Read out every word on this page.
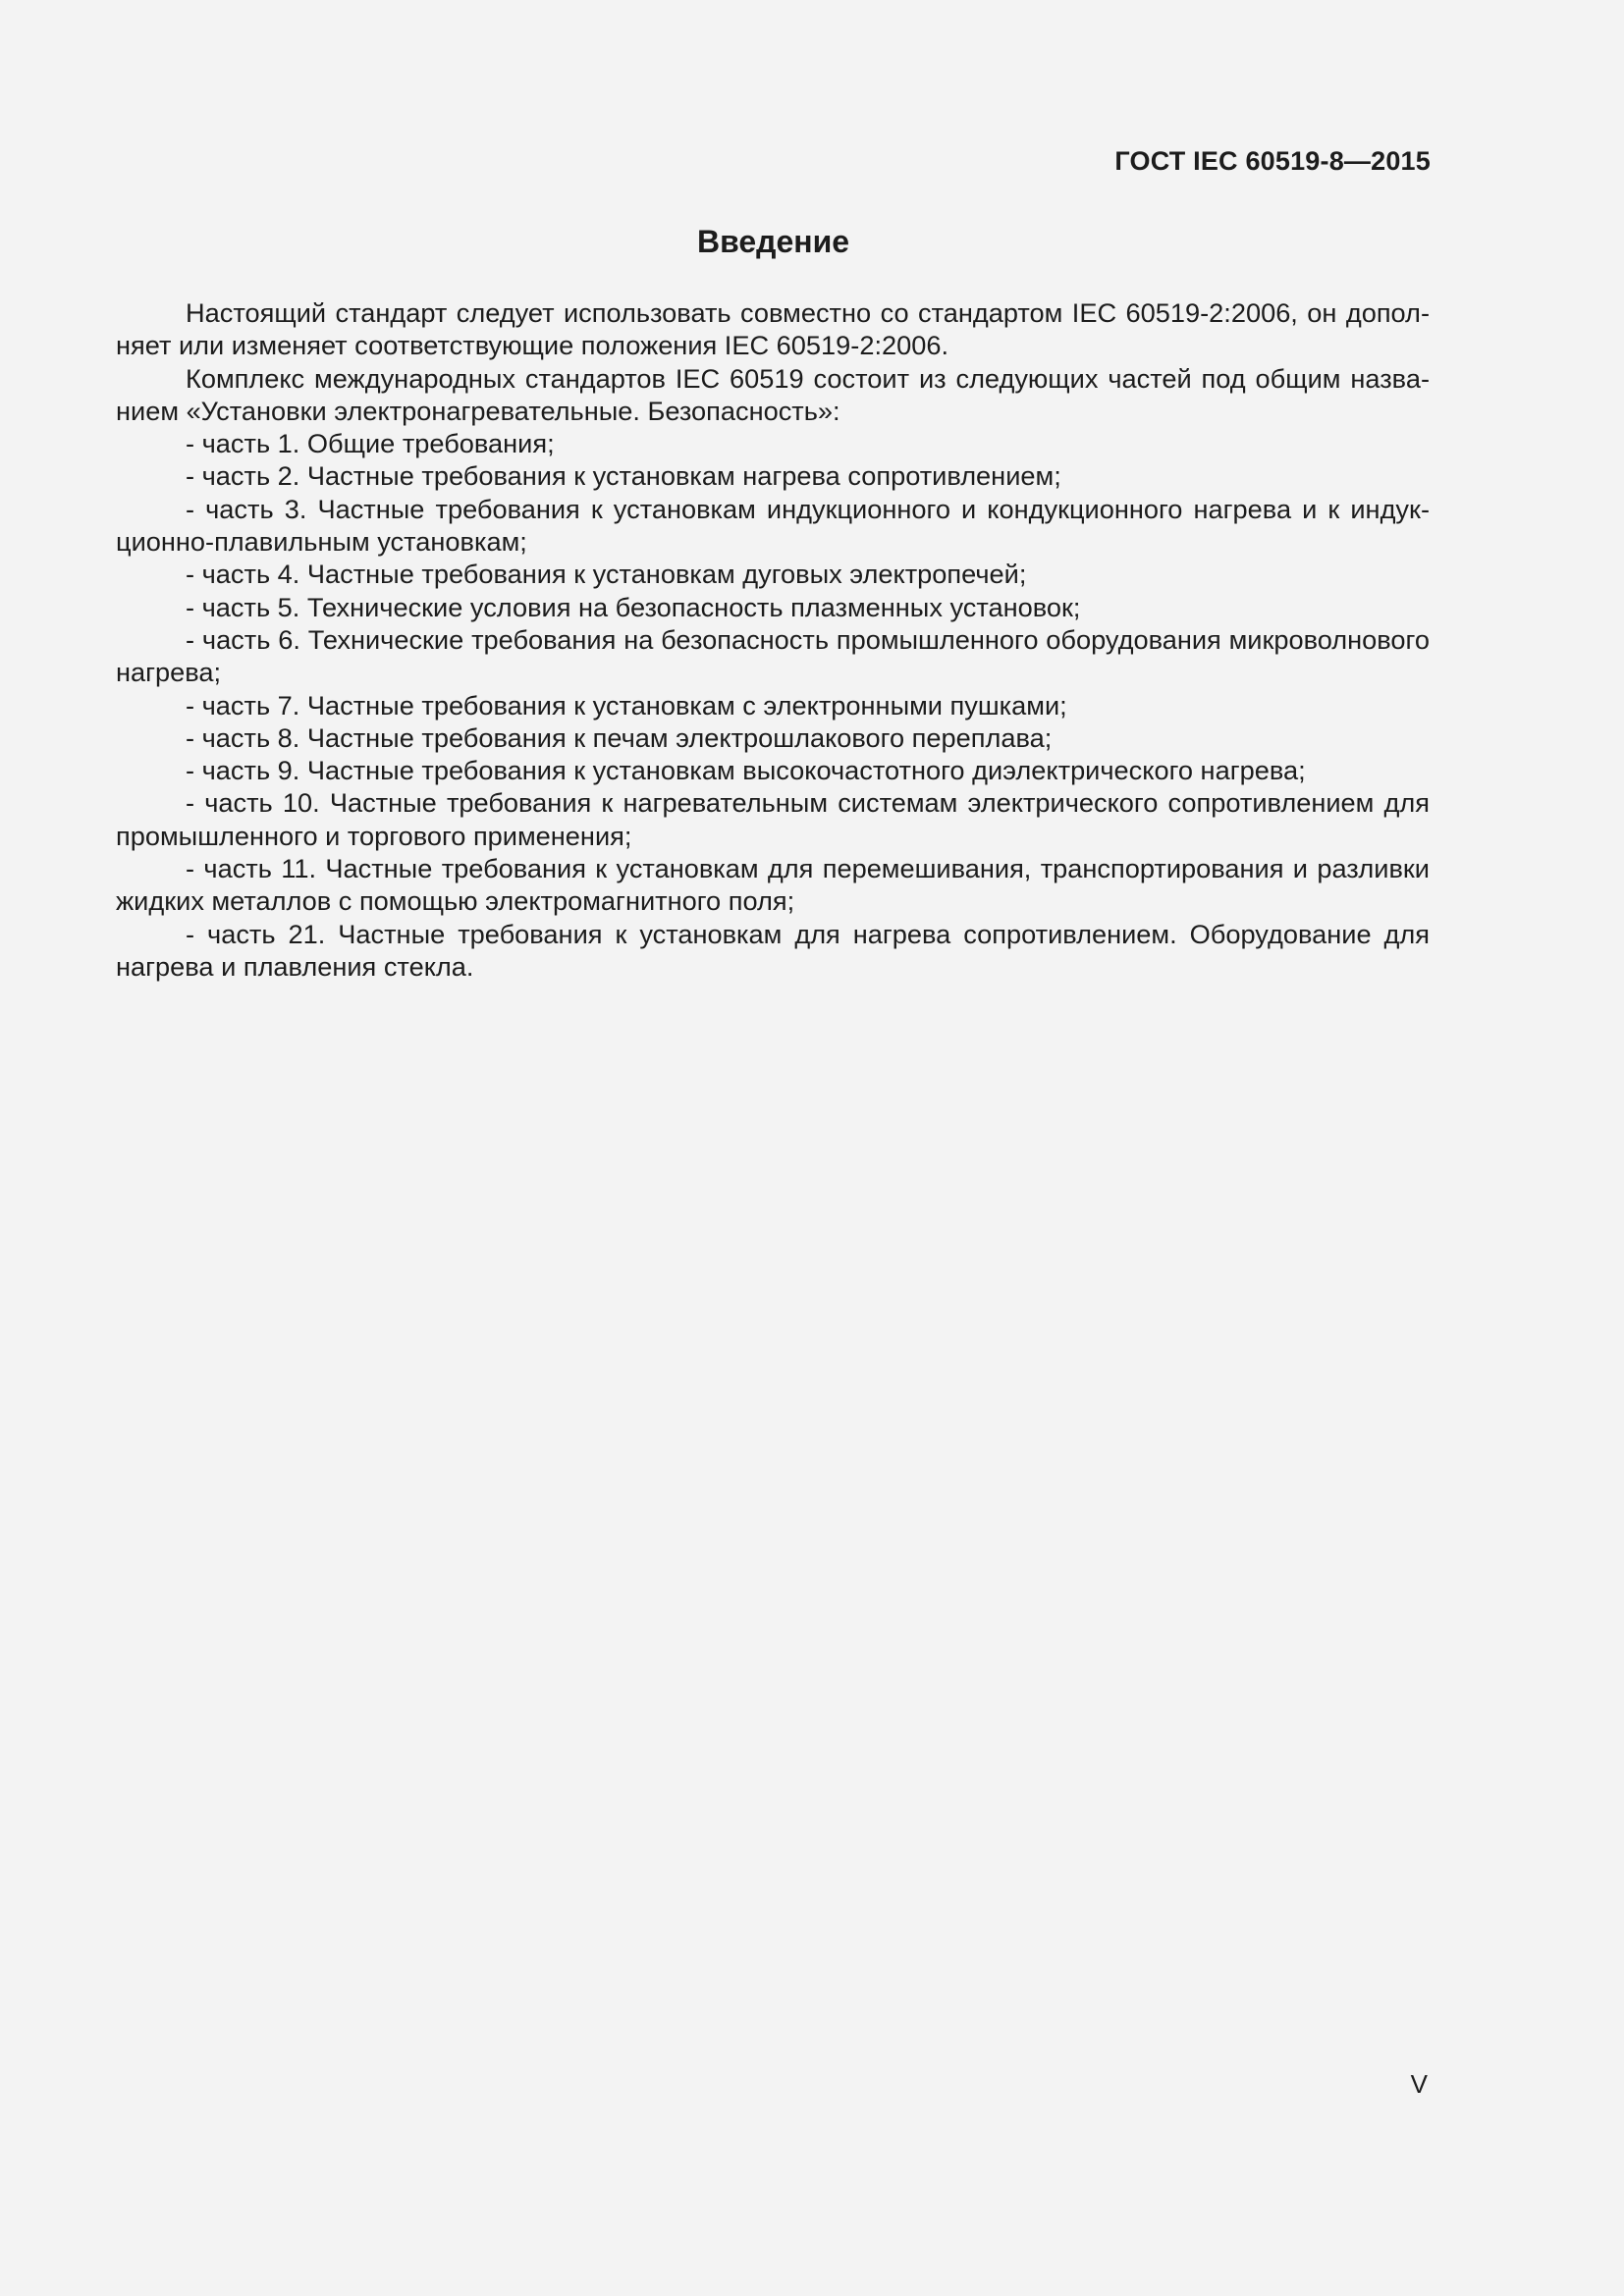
ГОСТ IEC 60519-8—2015
Введение

Настоящий стандарт следует использовать совместно со стандартом IEC 60519-2:2006, он дополняет или изменяет соответствующие положения IEC 60519-2:2006.

Комплекс международных стандартов IEC 60519 состоит из следующих частей под общим названием «Установки электронагревательные. Безопасность»:

- часть 1. Общие требования;

- часть 2. Частные требования к установкам нагрева сопротивлением;

- часть 3. Частные требования к установкам индукционного и кондукционного нагрева и к индукционно-плавильным установкам;

- часть 4. Частные требования к установкам дуговых электропечей;

- часть 5. Технические условия на безопасность плазменных установок;

- часть 6. Технические требования на безопасность промышленного оборудования микроволнового нагрева;

- часть 7. Частные требования к установкам с электронными пушками;

- часть 8. Частные требования к печам электрошлакового переплава;

- часть 9. Частные требования к установкам высокочастотного диэлектрического нагрева;

- часть 10. Частные требования к нагревательным системам электрического сопротивлением для промышленного и торгового применения;

- часть 11. Частные требования к установкам для перемешивания, транспортирования и разливки жидких металлов с помощью электромагнитного поля;

- часть 21. Частные требования к установкам для нагрева сопротивлением. Оборудование для нагрева и плавления стекла.

V
